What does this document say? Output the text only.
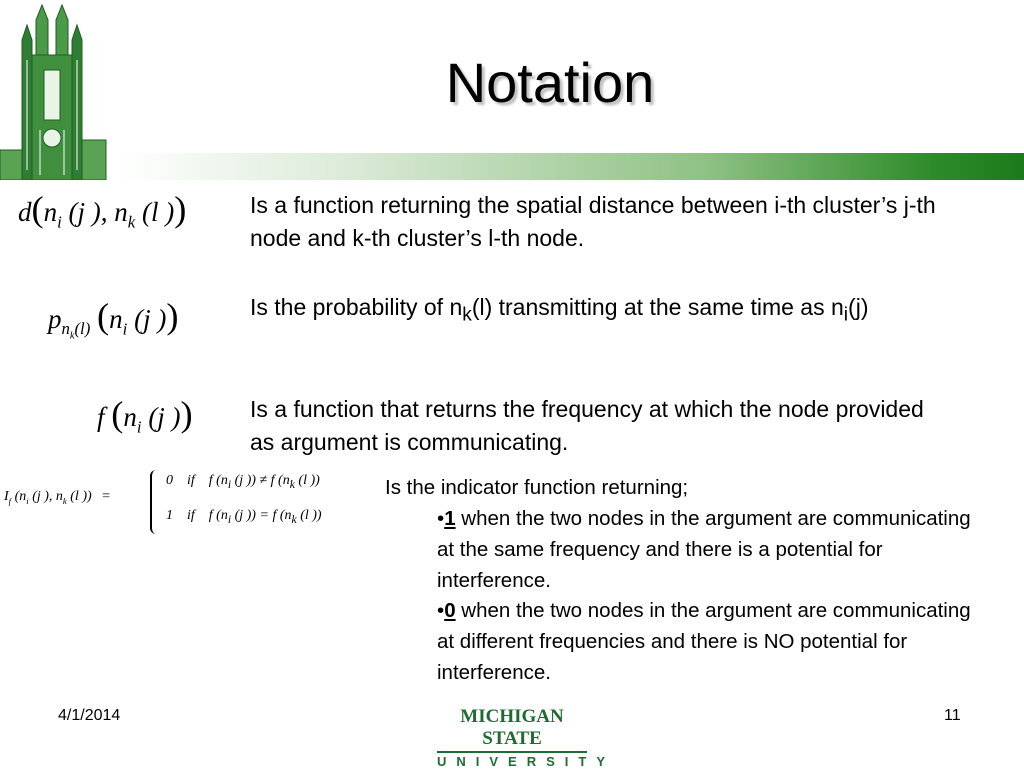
Notation
$d(n_i$ (j ), $n_k$ (l ))	Is a function returning the spatial distance between i-th cluster’s j-th node and k-th cluster’s l-th node.
$p_{n_k(l)}$ ($n_i$ (j ))	Is the probability of $n_k(l)$ transmitting at the same time as $n_i(j)$
f ($n_i$ (j )) Is a function that returns the frequency at which the node provided as argument is communicating.
$I_f$ ($n_i$ (j ), $n_k$ (l ))   =
0 if    f ($n_i$ (j )) ≠ f ($n_k$ (l ))
1 if    f ($n_i$ (j )) = f ($n_k$ (l ))
Is the indicator function returning;
•1 when the two nodes in the argument are communicating at the same frequency and there is a potential for interference.
•0 when the two nodes in the argument are communicating at different frequencies and there is NO potential for interference.
4/1/2014	MICHIGAN STATE
UNIVERSITY
11
